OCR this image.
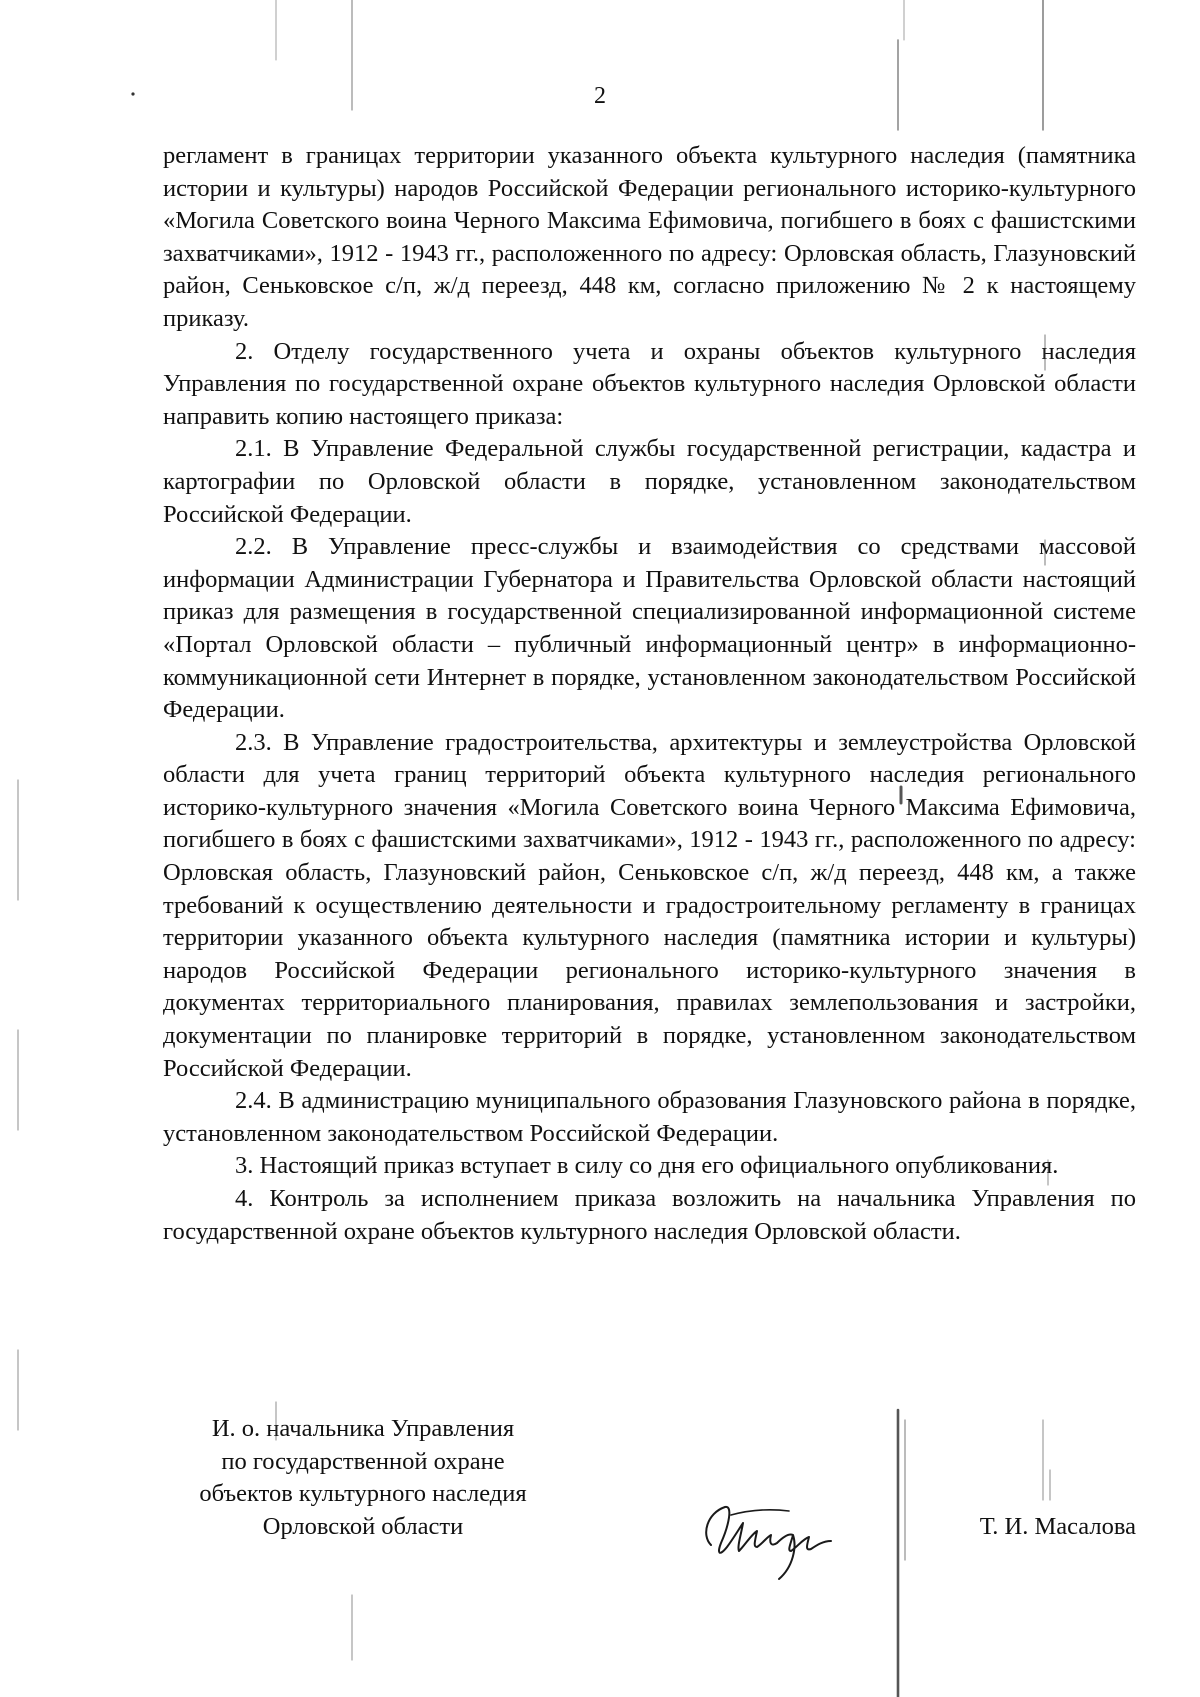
2

регламент в границах территории указанного объекта культурного наследия (памятника истории и культуры) народов Российской Федерации регионального историко-культурного «Могила Советского воина Черного Максима Ефимовича, погибшего в боях с фашистскими захватчиками», 1912 - 1943 гг., расположенного по адресу: Орловская область, Глазуновский район, Сеньковское с/п, ж/д переезд, 448 км, согласно приложению № 2 к настоящему приказу.

2. Отделу государственного учета и охраны объектов культурного наследия Управления по государственной охране объектов культурного наследия Орловской области направить копию настоящего приказа:

2.1. В Управление Федеральной службы государственной регистрации, кадастра и картографии по Орловской области в порядке, установленном законодательством Российской Федерации.

2.2. В Управление пресс-службы и взаимодействия со средствами массовой информации Администрации Губернатора и Правительства Орловской области настоящий приказ для размещения в государственной специализированной информационной системе «Портал Орловской области – публичный информационный центр» в информационно-коммуникационной сети Интернет в порядке, установленном законодательством Российской Федерации.

2.3. В Управление градостроительства, архитектуры и землеустройства Орловской области для учета границ территорий объекта культурного наследия регионального историко-культурного значения «Могила Советского воина Черного Максима Ефимовича, погибшего в боях с фашистскими захватчиками», 1912 - 1943 гг., расположенного по адресу: Орловская область, Глазуновский район, Сеньковское с/п, ж/д переезд, 448 км, а также требований к осуществлению деятельности и градостроительному регламенту в границах территории указанного объекта культурного наследия (памятника истории и культуры) народов Российской Федерации регионального историко-культурного значения в документах территориального планирования, правилах землепользования и застройки, документации по планировке территорий в порядке, установленном законодательством Российской Федерации.

2.4. В администрацию муниципального образования Глазуновского района в порядке, установленном законодательством Российской Федерации.

3. Настоящий приказ вступает в силу со дня его официального опубликования.

4. Контроль за исполнением приказа возложить на начальника Управления по государственной охране объектов культурного наследия Орловской области.

И. о. начальника Управления
по государственной охране
объектов культурного наследия
Орловской области	Т. И. Масалова
